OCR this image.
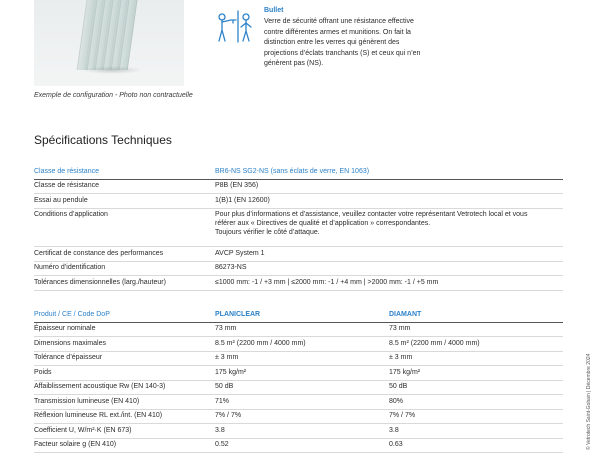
Exemple de configuration - Photo non contractuelle
Bullet
Verre de sécurité offrant une résistance effective
contre différentes armes et munitions. On fait la
distinction entre les verres qui génèrent des
projections d’éclats tranchants (S) et ceux qui n’en
génèrent pas (NS).
Spécifications Techniques
Classe de résistance	BR6-NS SG2-NS (sans éclats de verre, EN 1063)
Classe de résistance	P8B (EN 356)
Essai au pendule	1(B)1 (EN 12600)
Conditions d’application	Pour plus d’informations et d’assistance, veuillez contacter votre représentant Vetrotech local et vous
référer aux « Directives de qualité et d’application » correspondantes.
Toujours vérifier le côté d’attaque.

Certificat de constance des performances	AVCP System 1
Numéro d’identification	86273-NS
Tolérances dimensionnelles (larg./hauteur)	≤1000 mm: -1 / +3 mm | ≤2000 mm: -1 / +4 mm | >2000 mm: -1 / +5 mm
Produit / CE / Code DoP	PLANICLEAR	DIAMANT
Épaisseur nominale	73 mm	73 mm
Dimensions maximales	8.5 m² (2200 mm / 4000 mm)	8.5 m² (2200 mm / 4000 mm)
Tolérance d’épaisseur	± 3 mm	± 3 mm
Poids	175 kg/m²	175 kg/m²
Affaiblissement acoustique Rw (EN 140-3)	50 dB	50 dB
Transmission lumineuse (EN 410)	71%	80%
Réflexion lumineuse RL ext./int. (EN 410)	7% / 7%	7% / 7%
Coefficient U, W/m²·K (EN 673)	3.8	3.8
Facteur solaire g (EN 410)	0.52	0.63	© Vetrotech Saint-Gobain | Décembre 2024
